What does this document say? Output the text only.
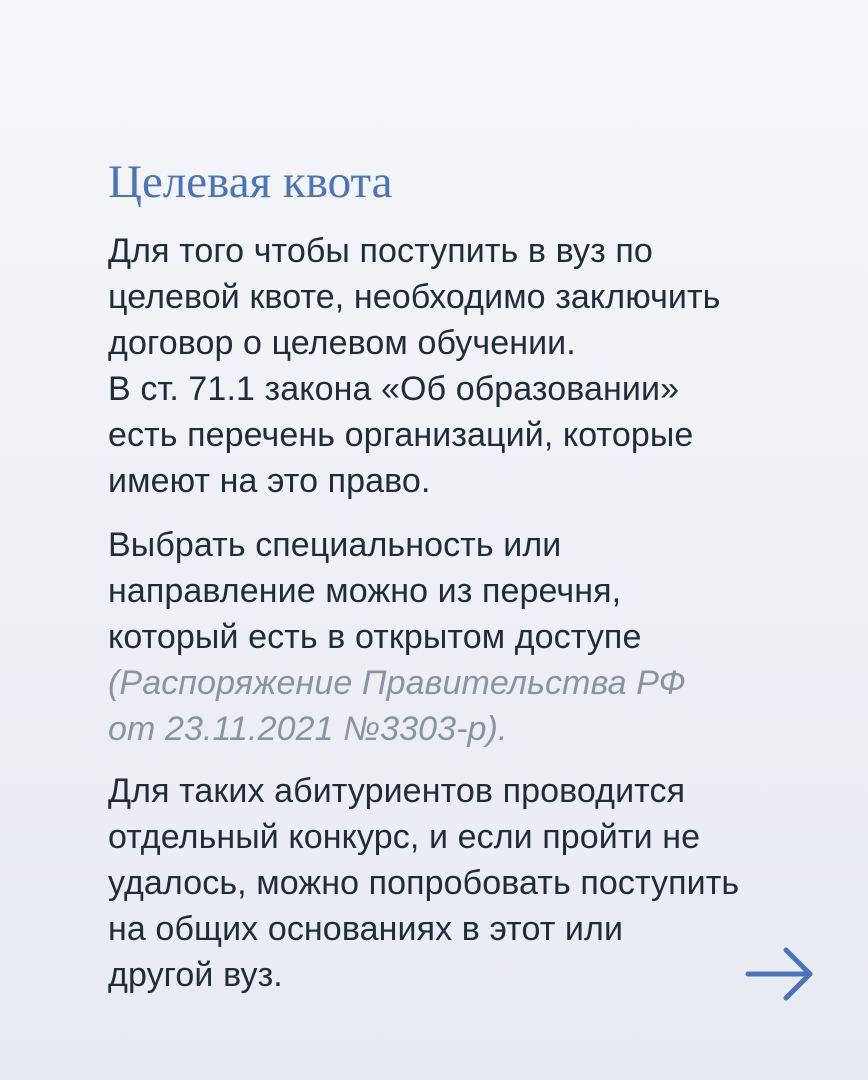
Целевая квота

Для того чтобы поступить в вуз по
целевой квоте, необходимо заключить
договор о целевом обучении.
В ст. 71.1 закона «Об образовании»
есть перечень организаций, которые
имеют на это право.

Выбрать специальность или
направление можно из перечня,
который есть в открытом доступе
(Распоряжение Правительства РФ
от 23.11.2021 №3303-р).

Для таких абитуриентов проводится
отдельный конкурс, и если пройти не
удалось, можно попробовать поступить
на общих основаниях в этот или
другой вуз.
